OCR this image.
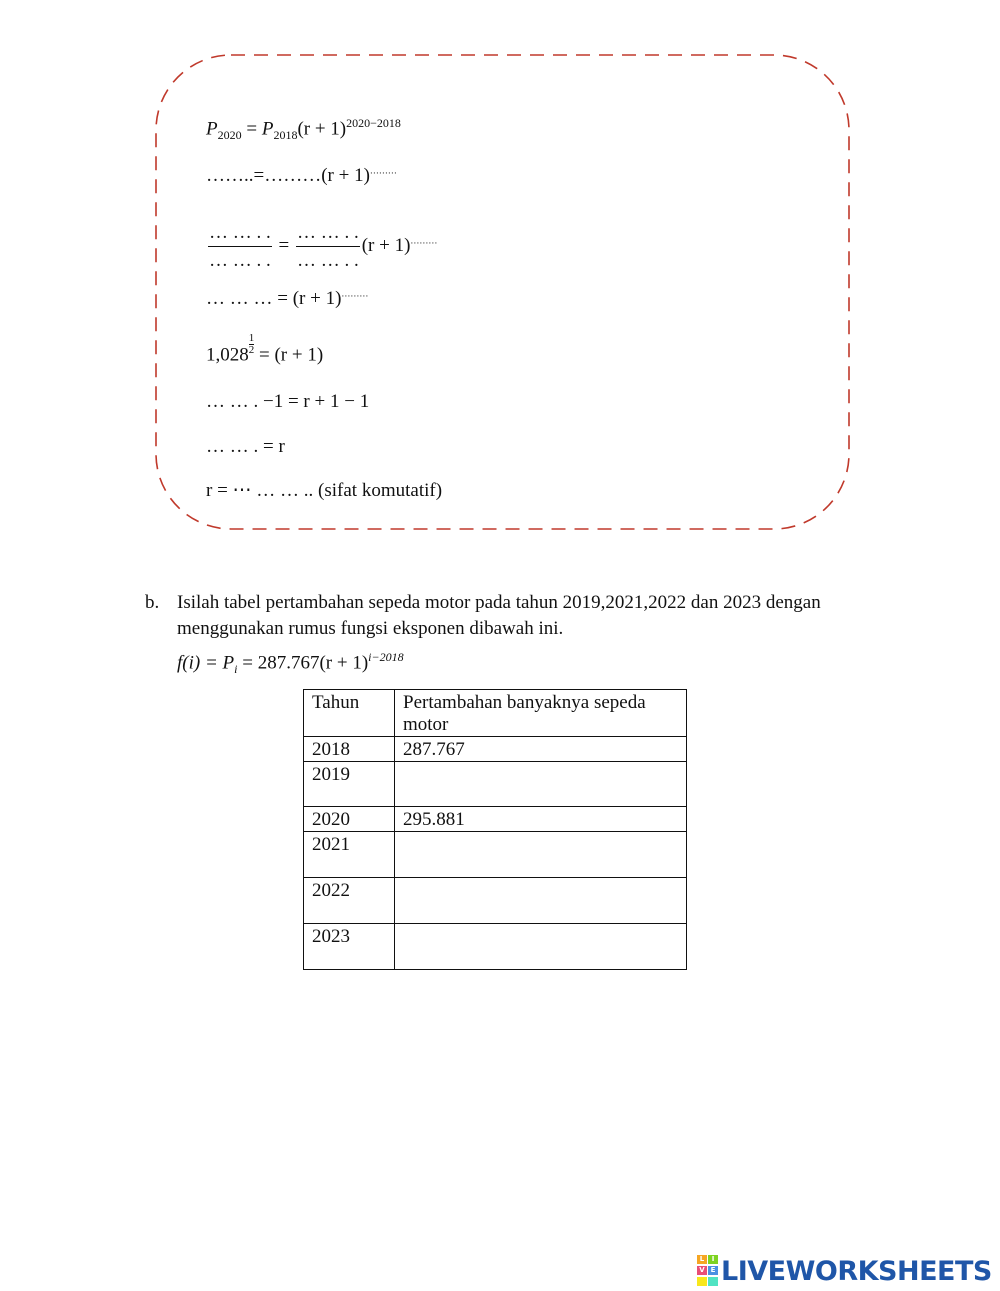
$P_{2020} = P_{2018}(r + 1)^{2020-2018}$
……..=………(r + 1)………
$\frac{\dots \dots . .}{\dots \dots . .} = \frac{\dots \dots . .}{\dots \dots . .} (r + 1)^{\dots\dots\dots}$
… … … = (r + 1)………
$1,028 \frac{1}{2} = (r + 1)$
… … . −1 = r + 1 − 1
… … . = r
r = ⋯ … … .. (sifat komutatif)
b. Isilah tabel pertambahan sepeda motor pada tahun 2019,2021,2022 dan 2023 dengan
menggunakan rumus fungsi eksponen dibawah ini.
$f(i) = P_i = 287.767(r + 1)^{i-2018}$
Tahun	Pertambahan banyaknya sepeda motor
2018	287.767
2019	
2020	295.881
2021	
2022	
2023	
L	I
V E LIVEWORKSHEETS
